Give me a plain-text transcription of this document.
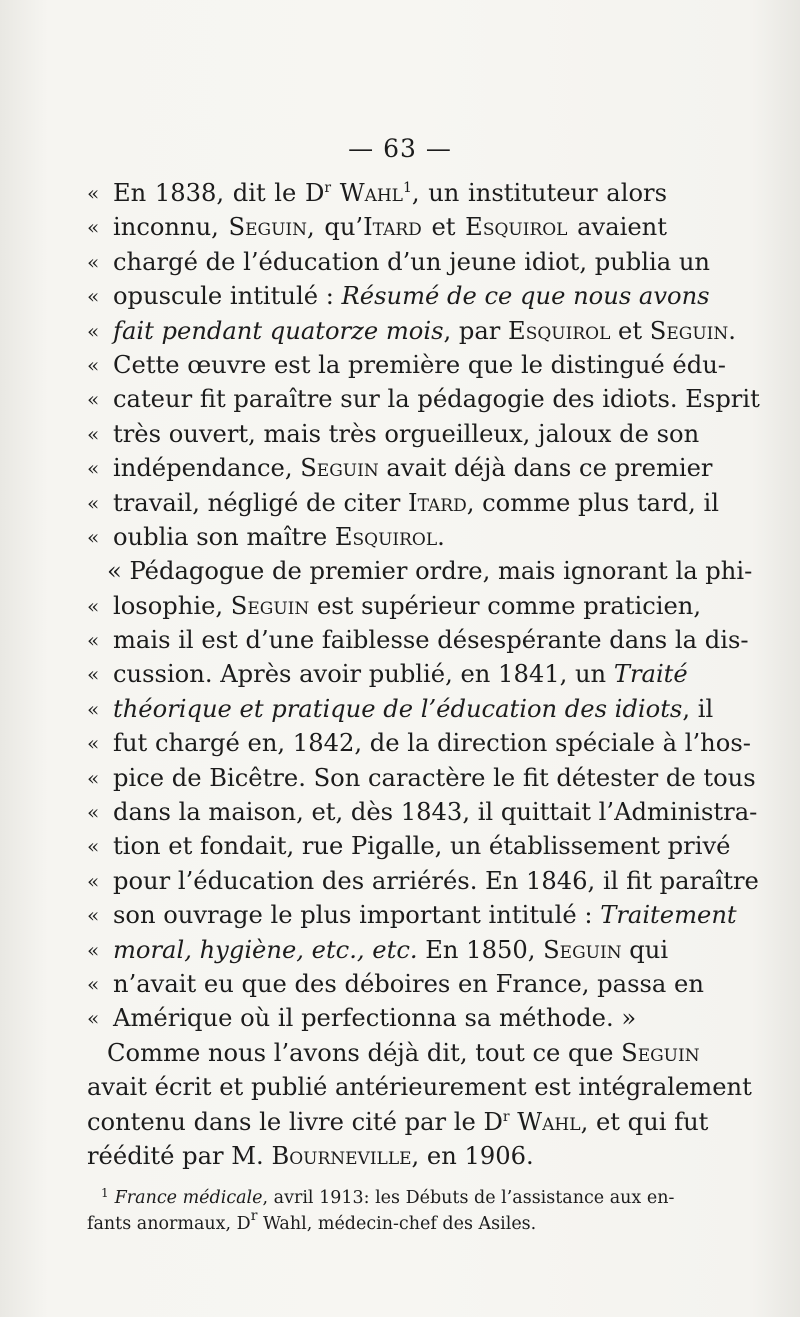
— 63 —
« En 1838, dit le $D^r$ Wahl$^1$, un instituteur alors
« inconnu, Seguin, qu’Itard et Esquirol avaient
« chargé de l’éducation d’un jeune idiot, publia un
« opuscule intitulé : Résumé de ce que nous avons
« fait pendant quatorze mois, par Esquirol et Seguin.
« Cette œuvre est la première que le distingué édu-
« cateur fit paraître sur la pédagogie des idiots. Esprit
« très ouvert, mais très orgueilleux, jaloux de son
« indépendance, Seguin avait déjà dans ce premier
« travail, négligé de citer Itard, comme plus tard, il
« oublia son maître Esquirol.
« Pédagogue de premier ordre, mais ignorant la phi-
« losophie, Seguin est supérieur comme praticien,
« mais il est d’une faiblesse désespérante dans la dis-
« cussion. Après avoir publié, en 1841, un Traité
« théorique et pratique de l’éducation des idiots, il
« fut chargé en, 1842, de la direction spéciale à l’hos-
« pice de Bicêtre. Son caractère le fit détester de tous
« dans la maison, et, dès 1843, il quittait l’Administra-
« tion et fondait, rue Pigalle, un établissement privé
« pour l’éducation des arriérés. En 1846, il fit paraître
« son ouvrage le plus important intitulé : Traitement
« moral, hygiène, etc., etc. En 1850, Seguin qui
« n’avait eu que des déboires en France, passa en
« Amérique où il perfectionna sa méthode. »
Comme nous l’avons déjà dit, tout ce que Seguin
avait écrit et publié antérieurement est intégralement
contenu dans le livre cité par le $D^r$ Wahl, et qui fut
réédité par M. Bourneville, en 1906.
$^1$ France médicale, avril 1913: les Débuts de l’assistance aux en-
fants anormaux, $D^r$ Wahl, médecin-chef des Asiles.
